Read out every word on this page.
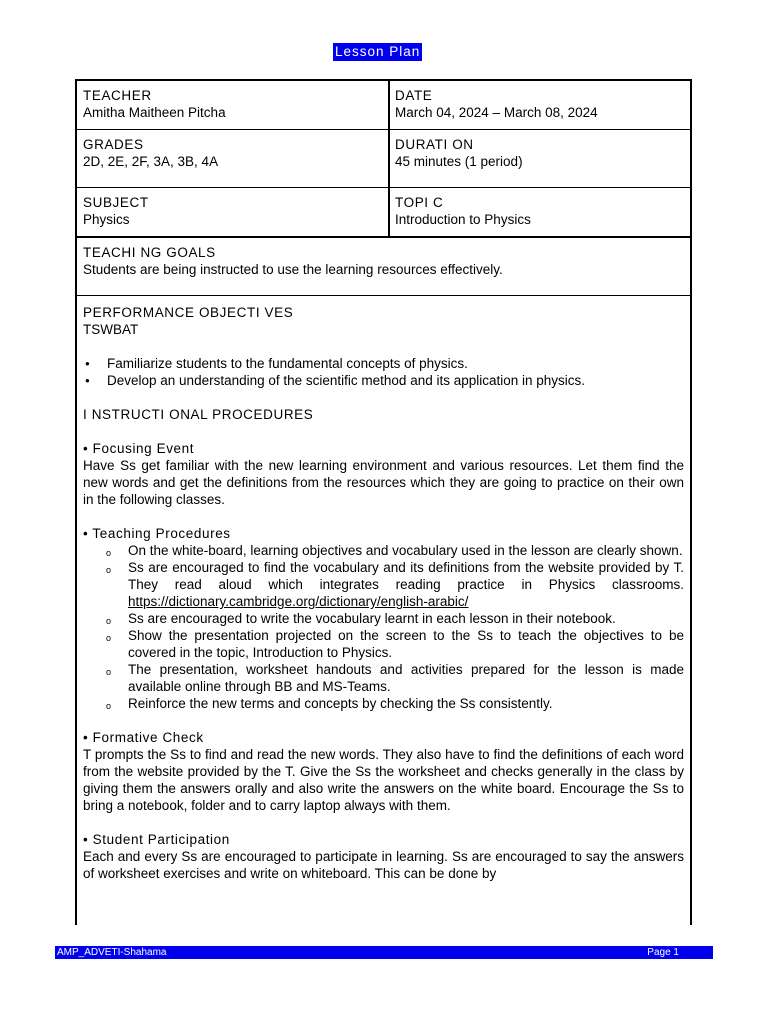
Lesson Plan
TEACHER
Amitha Maitheen Pitcha
DATE
March 04, 2024 – March 08, 2024
GRADES
2D, 2E, 2F, 3A, 3B, 4A
DURATI ON
45 minutes (1 period)
SUBJECT
Physics
TOPI C
Introduction to Physics
TEACHI NG GOALS
Students are being instructed to use the learning resources effectively.
PERFORMANCE OBJECTI VES
TSWBAT
● Familiarize students to the fundamental concepts of physics.
● Develop an understanding of the scientific method and its application in physics.
I NSTRUCTI ONAL PROCEDURES
• Focusing Event
Have Ss get familiar with the new learning environment and various resources. Let them find the new words and get the definitions from the resources which they are going to practice on their own in the following classes.
• Teaching Procedures
o On the white-board, learning objectives and vocabulary used in the lesson are clearly shown.
o Ss are encouraged to find the vocabulary and its definitions from the website provided by T. They read aloud which integrates reading practice in Physics classrooms. https://dictionary.cambridge.org/dictionary/english-arabic/
o Ss are encouraged to write the vocabulary learnt in each lesson in their notebook.
o Show the presentation projected on the screen to the Ss to teach the objectives to be covered in the topic, Introduction to Physics.
o The presentation, worksheet handouts and activities prepared for the lesson is made available online through BB and MS-Teams.
o Reinforce the new terms and concepts by checking the Ss consistently.
• Formative Check
T prompts the Ss to find and read the new words. They also have to find the definitions of each word from the website provided by the T. Give the Ss the worksheet and checks generally in the class by giving them the answers orally and also write the answers on the white board. Encourage the Ss to bring a notebook, folder and to carry laptop always with them.
• Student Participation
Each and every Ss are encouraged to participate in learning. Ss are encouraged to say the answers of worksheet exercises and write on whiteboard. This can be done by
AMP_ADVETI-Shahama	Page 1
